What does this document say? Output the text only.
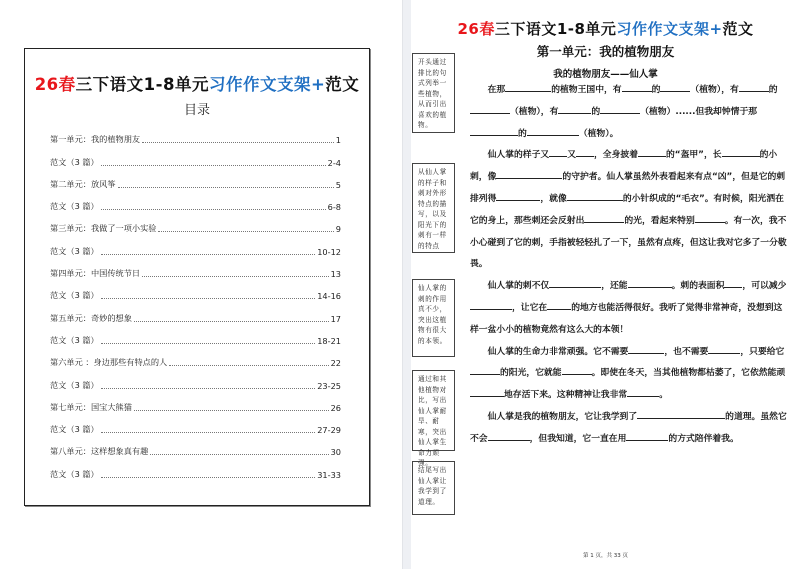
26春三下语文1-8单元习作作文支架+范文
目录
第一单元：我的植物朋友	1
范文（3 篇）	2-4
第二单元：放风筝	5
范文（3 篇）	6-8
第三单元：我做了一项小实验	9
范文（3 篇）	10-12
第四单元：中国传统节日	13
范文（3 篇）	14-16
第五单元：奇妙的想象	17
范文（3 篇）	18-21
第六单元 ：身边那些有特点的人	22
范文（3 篇）	23-25
第七单元：国宝大熊猫	26
范文（3 篇）	27-29
第八单元：这样想象真有趣	30
范文（3 篇）	31-33
26春三下语文1-8单元习作作文支架+范文
第一单元：我的植物朋友
我的植物朋友——仙人掌
开头通过排比的句式列举一些植物，从而引出喜欢的植物。
从仙人掌的样子和刺对外形特点的描写，以及阳光下的刺有一样的特点
仙人掌的刺的作用真不少，突出这植物有很大的本领。
通过和其他植物对比，写出仙人掌耐旱、耐寒，突出仙人掌生命力顽强。
结尾写出仙人掌让我学到了道理。

在那	的植物王国中，有	的	（植物），有	的（植物），有	的	（植物）......但我却钟情于那的	（植物）。

仙人掌的样子又 又 ，全身披着	的“盔甲”，长	的小刺，像	的守护者。仙人掌虽然外表看起来有点“凶”，但是它的刺排列得	，就像	的小针织成的“毛衣”。有时候，阳光洒在它的身上，那些刺还会反射出	的光，看起来特别	。有一次，我不小心碰到了它的刺，手指被轻轻扎了一下，虽然有点疼，但这让我对它多了一分敬畏。

仙人掌的刺不仅	，还能	。刺的表面积 ，可以减少，让它在	的地方也能活得很好。我听了觉得非常神奇，没想到这样一盆小小的植物竟然有这么大的本领！

仙人掌的生命力非常顽强。它不需要	，也不需要	，只要给它的阳光，它就能	。即使在冬天，当其他植物都枯萎了，它依然能顽地存活下来。这种精神让我非常	。

仙人掌是我的植物朋友，它让我学到了	的道理。虽然它不会	，但我知道，它一直在用	的方式陪伴着我。

第 1 页，共 33 页
